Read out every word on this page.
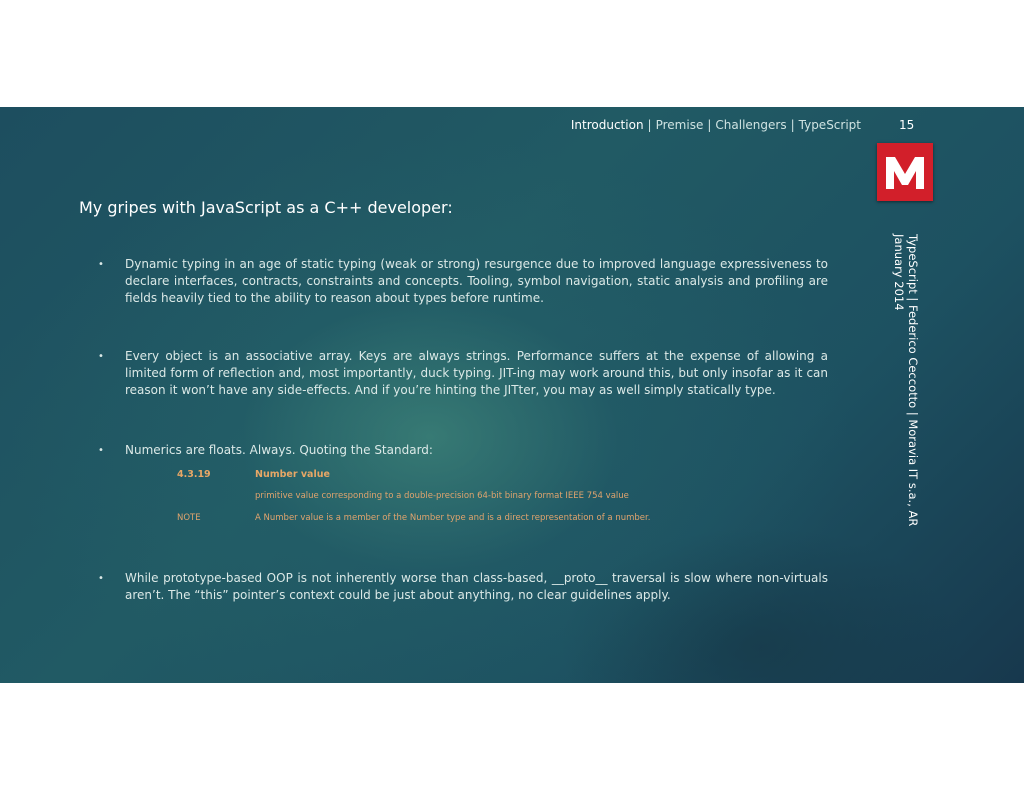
Introduction | Premise | Challengers | TypeScript	15
TypeScript | Federico Ceccotto | Moravia IT s.a., AR
January 2014
My gripes with JavaScript as a C++ developer:
• Dynamic typing in an age of static typing (weak or strong) resurgence due to improved language expressiveness to declare interfaces, contracts, constraints and concepts. Tooling, symbol navigation, static analysis and profiling are fields heavily tied to the ability to reason about types before runtime.
• Every object is an associative array. Keys are always strings. Performance suffers at the expense of allowing a limited form of reflection and, most importantly, duck typing. JIT-ing may work around this, but only insofar as it can reason it won’t have any side-effects. And if you’re hinting the JITter, you may as well simply statically type.
• Numerics are floats. Always. Quoting the Standard:
4.3.19	Number value
primitive value corresponding to a double-precision 64-bit binary format IEEE 754 value
NOTE	A Number value is a member of the Number type and is a direct representation of a number.
• While prototype-based OOP is not inherently worse than class-based, __proto__ traversal is slow where non-virtuals aren’t. The “this” pointer’s context could be just about anything, no clear guidelines apply.
